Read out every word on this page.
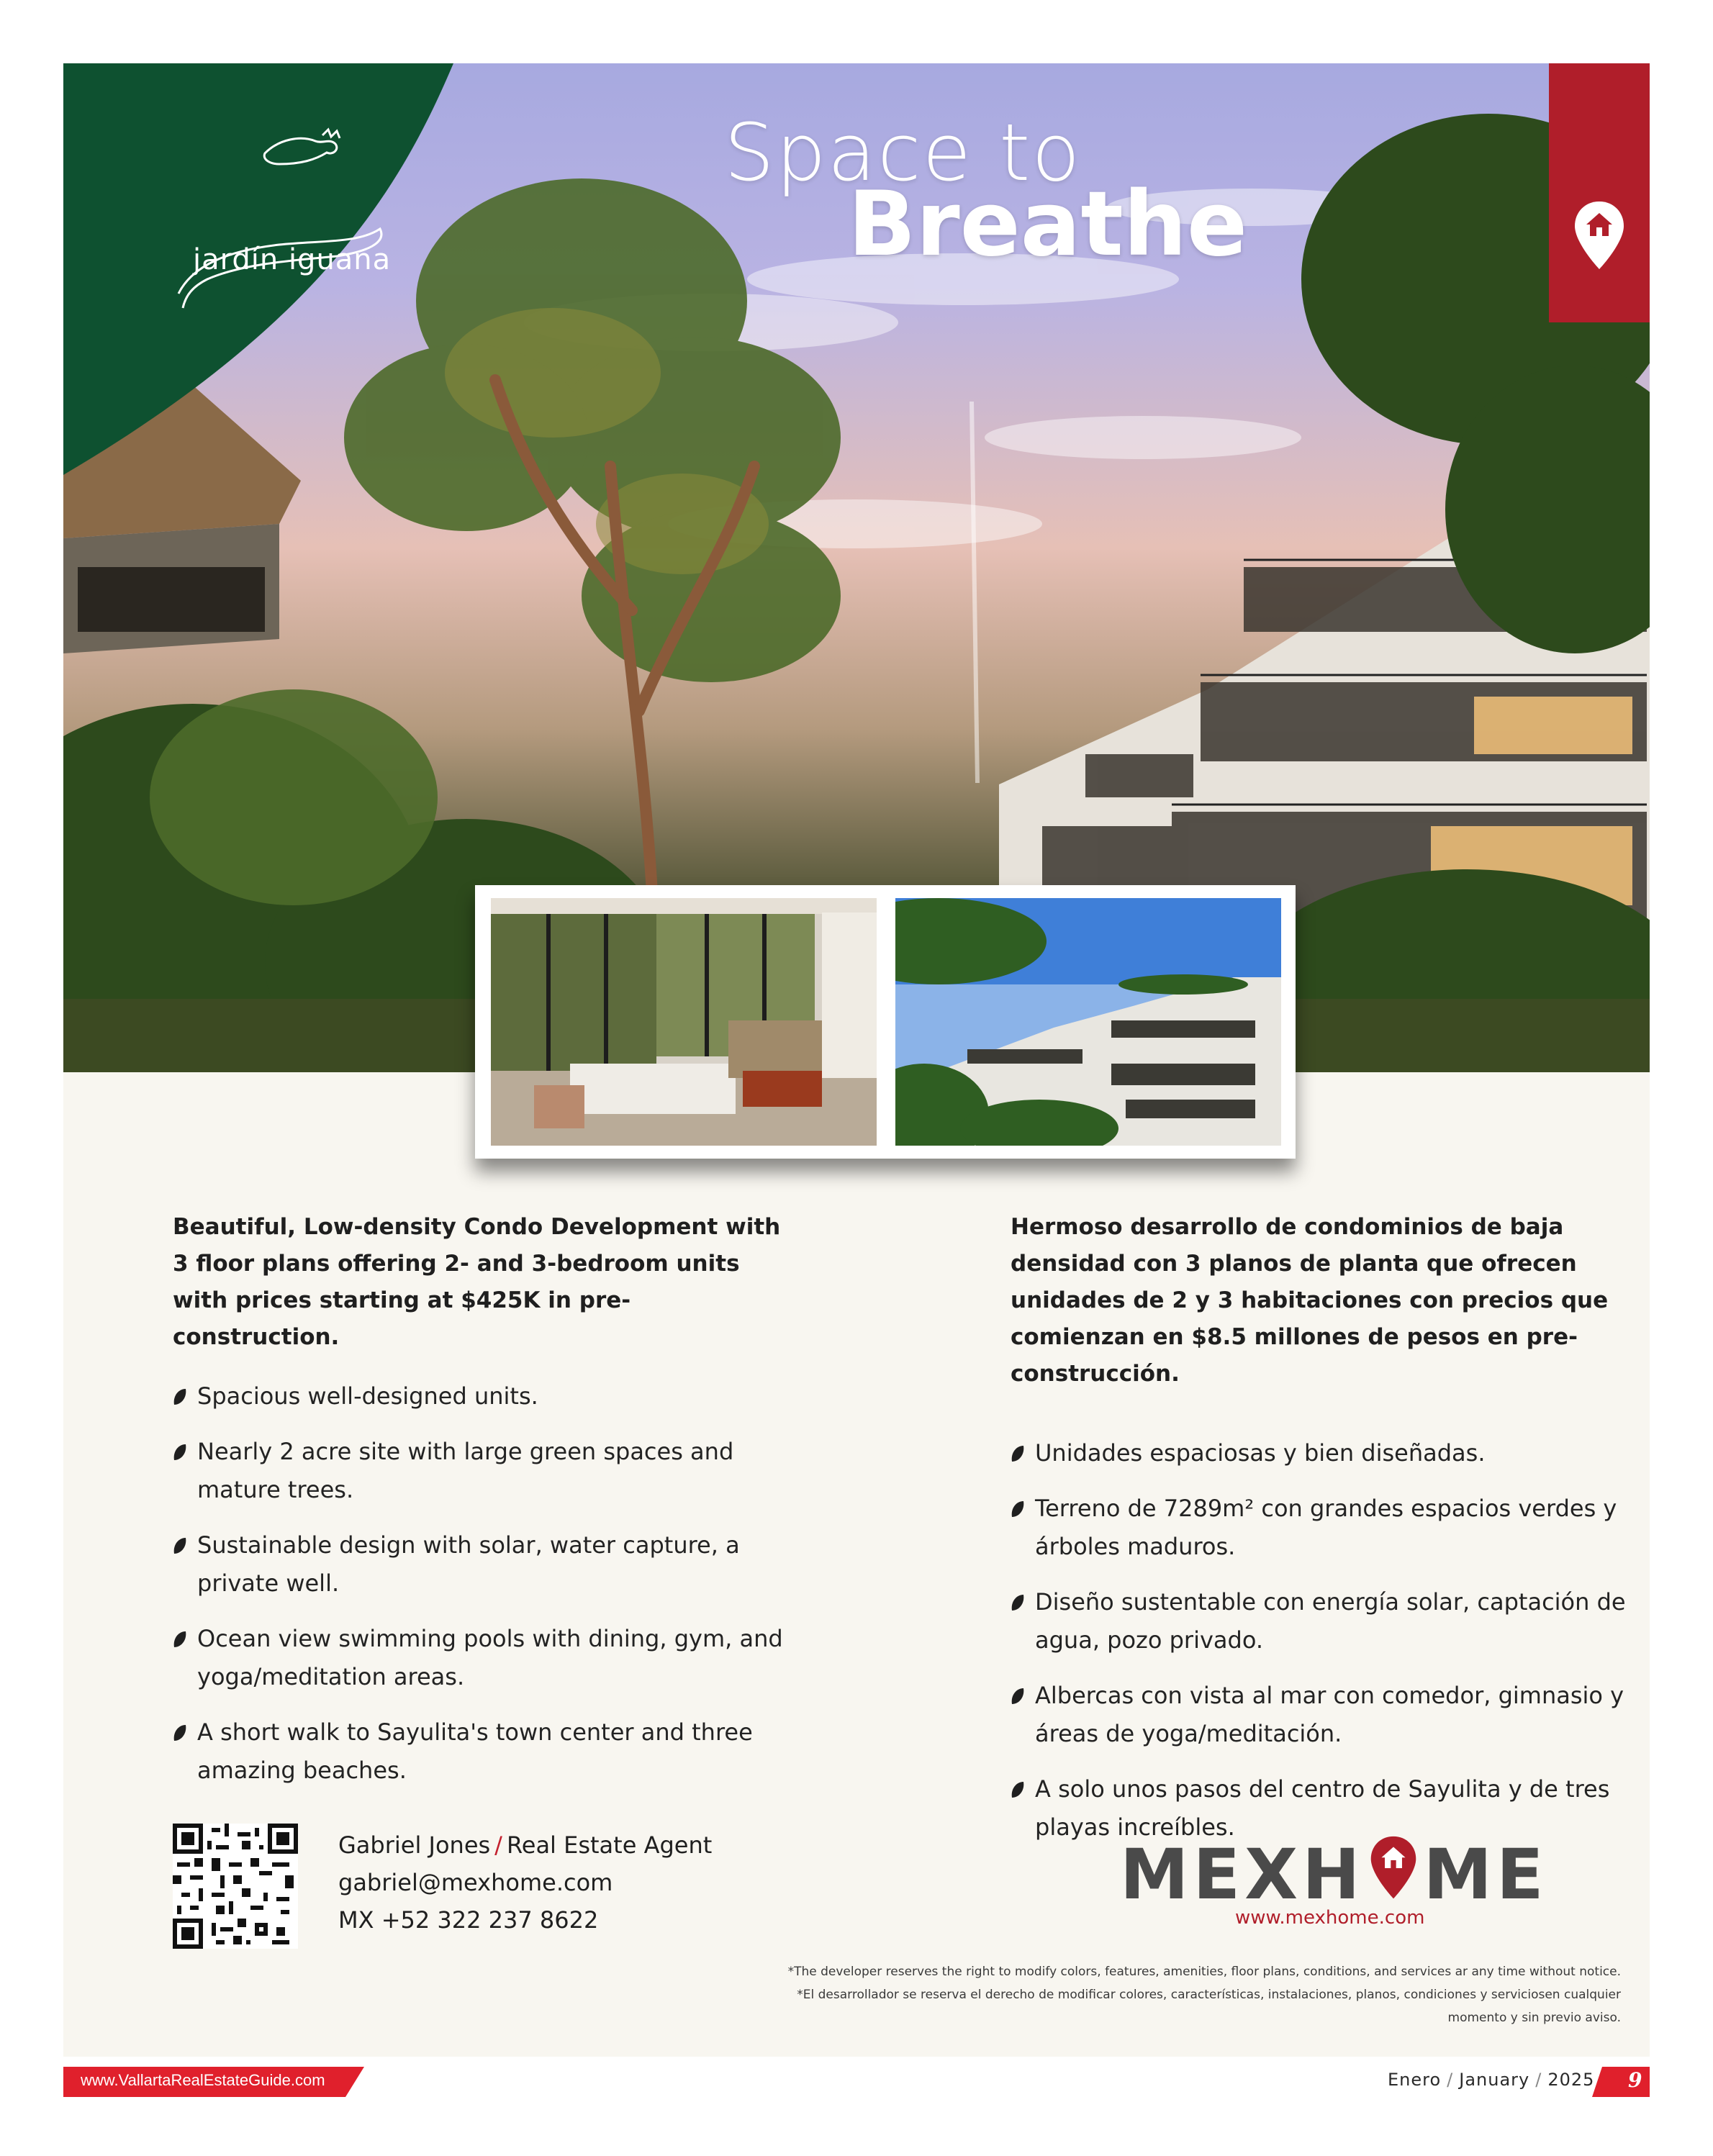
jardín iguana
Space to
Breathe

Beautiful, Low-density Condo Development with 3 floor plans offering 2- and 3-bedroom units with prices starting at $425K in pre-construction.

Spacious well-designed units.
Nearly 2 acre site with large green spaces and mature trees.
Sustainable design with solar, water capture, a private well.
Ocean view swimming pools with dining, gym, and yoga/meditation areas.
A short walk to Sayulita's town center and three amazing beaches.

Hermoso desarrollo de condominios de baja densidad con 3 planos de planta que ofrecen unidades de 2 y 3 habitaciones con precios que comienzan en $8.5 millones de pesos en pre-construcción.

Unidades espaciosas y bien diseñadas.
Terreno de 7289m² con grandes espacios verdes y árboles maduros.
Diseño sustentable con energía solar, captación de agua, pozo privado.
Albercas con vista al mar con comedor, gimnasio y áreas de yoga/meditación.
A solo unos pasos del centro de Sayulita y de tres playas increíbles.
Gabriel Jones / Real Estate Agent
gabriel@mexhome.com
MX +52 322 237 8622
MEXH ME
www.mexhome.com
*The developer reserves the right to modify colors, features, amenities, floor plans, conditions, and services ar any time without notice.
*El desarrollador se reserva el derecho de modificar colores, características, instalaciones, planos, condiciones y serviciosen cualquier momento y sin previo aviso.
www.VallartaRealEstateGuide.com	Enero / January / 2025 9
